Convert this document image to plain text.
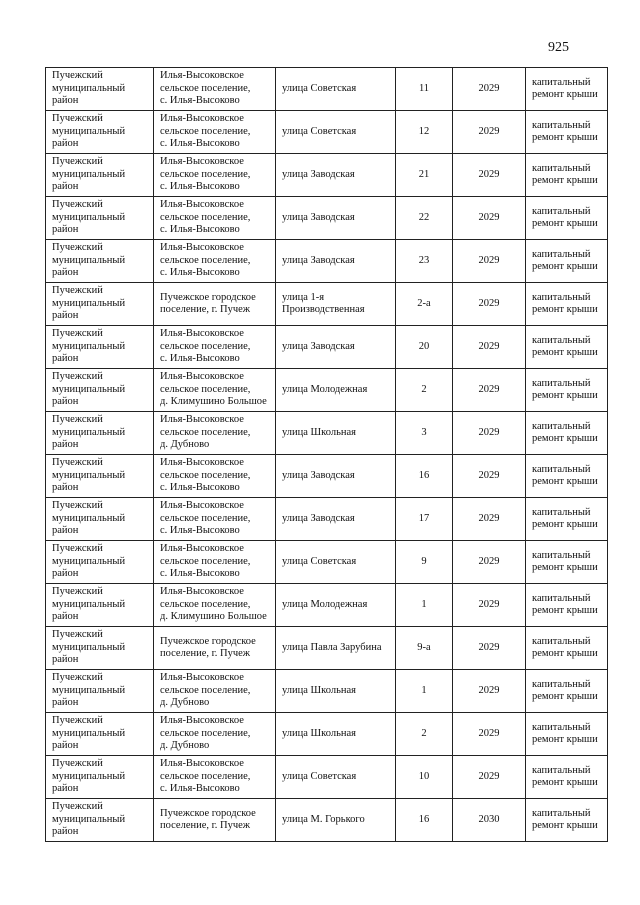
925
Пучежский
муниципальный
район	Илья-Высоковское
сельское поселение,
с. Илья-Высоково	улица Советская	11	2029	капитальный
ремонт крыши

Пучежский
муниципальный
район	Илья-Высоковское
сельское поселение,
с. Илья-Высоково	улица Советская	12	2029	капитальный
ремонт крыши

Пучежский
муниципальный
район	Илья-Высоковское
сельское поселение,
с. Илья-Высоково	улица Заводская	21	2029	капитальный
ремонт крыши

Пучежский
муниципальный
район	Илья-Высоковское
сельское поселение,
с. Илья-Высоково	улица Заводская	22	2029	капитальный
ремонт крыши

Пучежский
муниципальный
район	Илья-Высоковское
сельское поселение,
с. Илья-Высоково	улица Заводская	23	2029	капитальный
ремонт крыши

Пучежский
муниципальный
район	Пучежское городское
поселение, г. Пучеж	улица 1-я
Производственная	2-а	2029	капитальный
ремонт крыши

Пучежский
муниципальный
район	Илья-Высоковское
сельское поселение,
с. Илья-Высоково	улица Заводская	20	2029	капитальный
ремонт крыши

Пучежский
муниципальный
район	Илья-Высоковское
сельское поселение,
д. Климушино Большое	улица Молодежная	2	2029	капитальный
ремонт крыши

Пучежский
муниципальный
район	Илья-Высоковское
сельское поселение,
д. Дубново	улица Школьная	3	2029	капитальный
ремонт крыши

Пучежский
муниципальный
район	Илья-Высоковское
сельское поселение,
с. Илья-Высоково	улица Заводская	16	2029	капитальный
ремонт крыши

Пучежский
муниципальный
район	Илья-Высоковское
сельское поселение,
с. Илья-Высоково	улица Заводская	17	2029	капитальный
ремонт крыши

Пучежский
муниципальный
район	Илья-Высоковское
сельское поселение,
с. Илья-Высоково	улица Советская	9	2029	капитальный
ремонт крыши

Пучежский
муниципальный
район	Илья-Высоковское
сельское поселение,
д. Климушино Большое	улица Молодежная	1	2029	капитальный
ремонт крыши

Пучежский
муниципальный
район	Пучежское городское
поселение, г. Пучеж	улица Павла Зарубина	9-а	2029	капитальный
ремонт крыши

Пучежский
муниципальный
район	Илья-Высоковское
сельское поселение,
д. Дубново	улица Школьная	1	2029	капитальный
ремонт крыши

Пучежский
муниципальный
район	Илья-Высоковское
сельское поселение,
д. Дубново	улица Школьная	2	2029	капитальный
ремонт крыши

Пучежский
муниципальный
район	Илья-Высоковское
сельское поселение,
с. Илья-Высоково	улица Советская	10	2029	капитальный
ремонт крыши

Пучежский
муниципальный
район	Пучежское городское
поселение, г. Пучеж	улица М. Горького	16	2030	капитальный
ремонт крыши
